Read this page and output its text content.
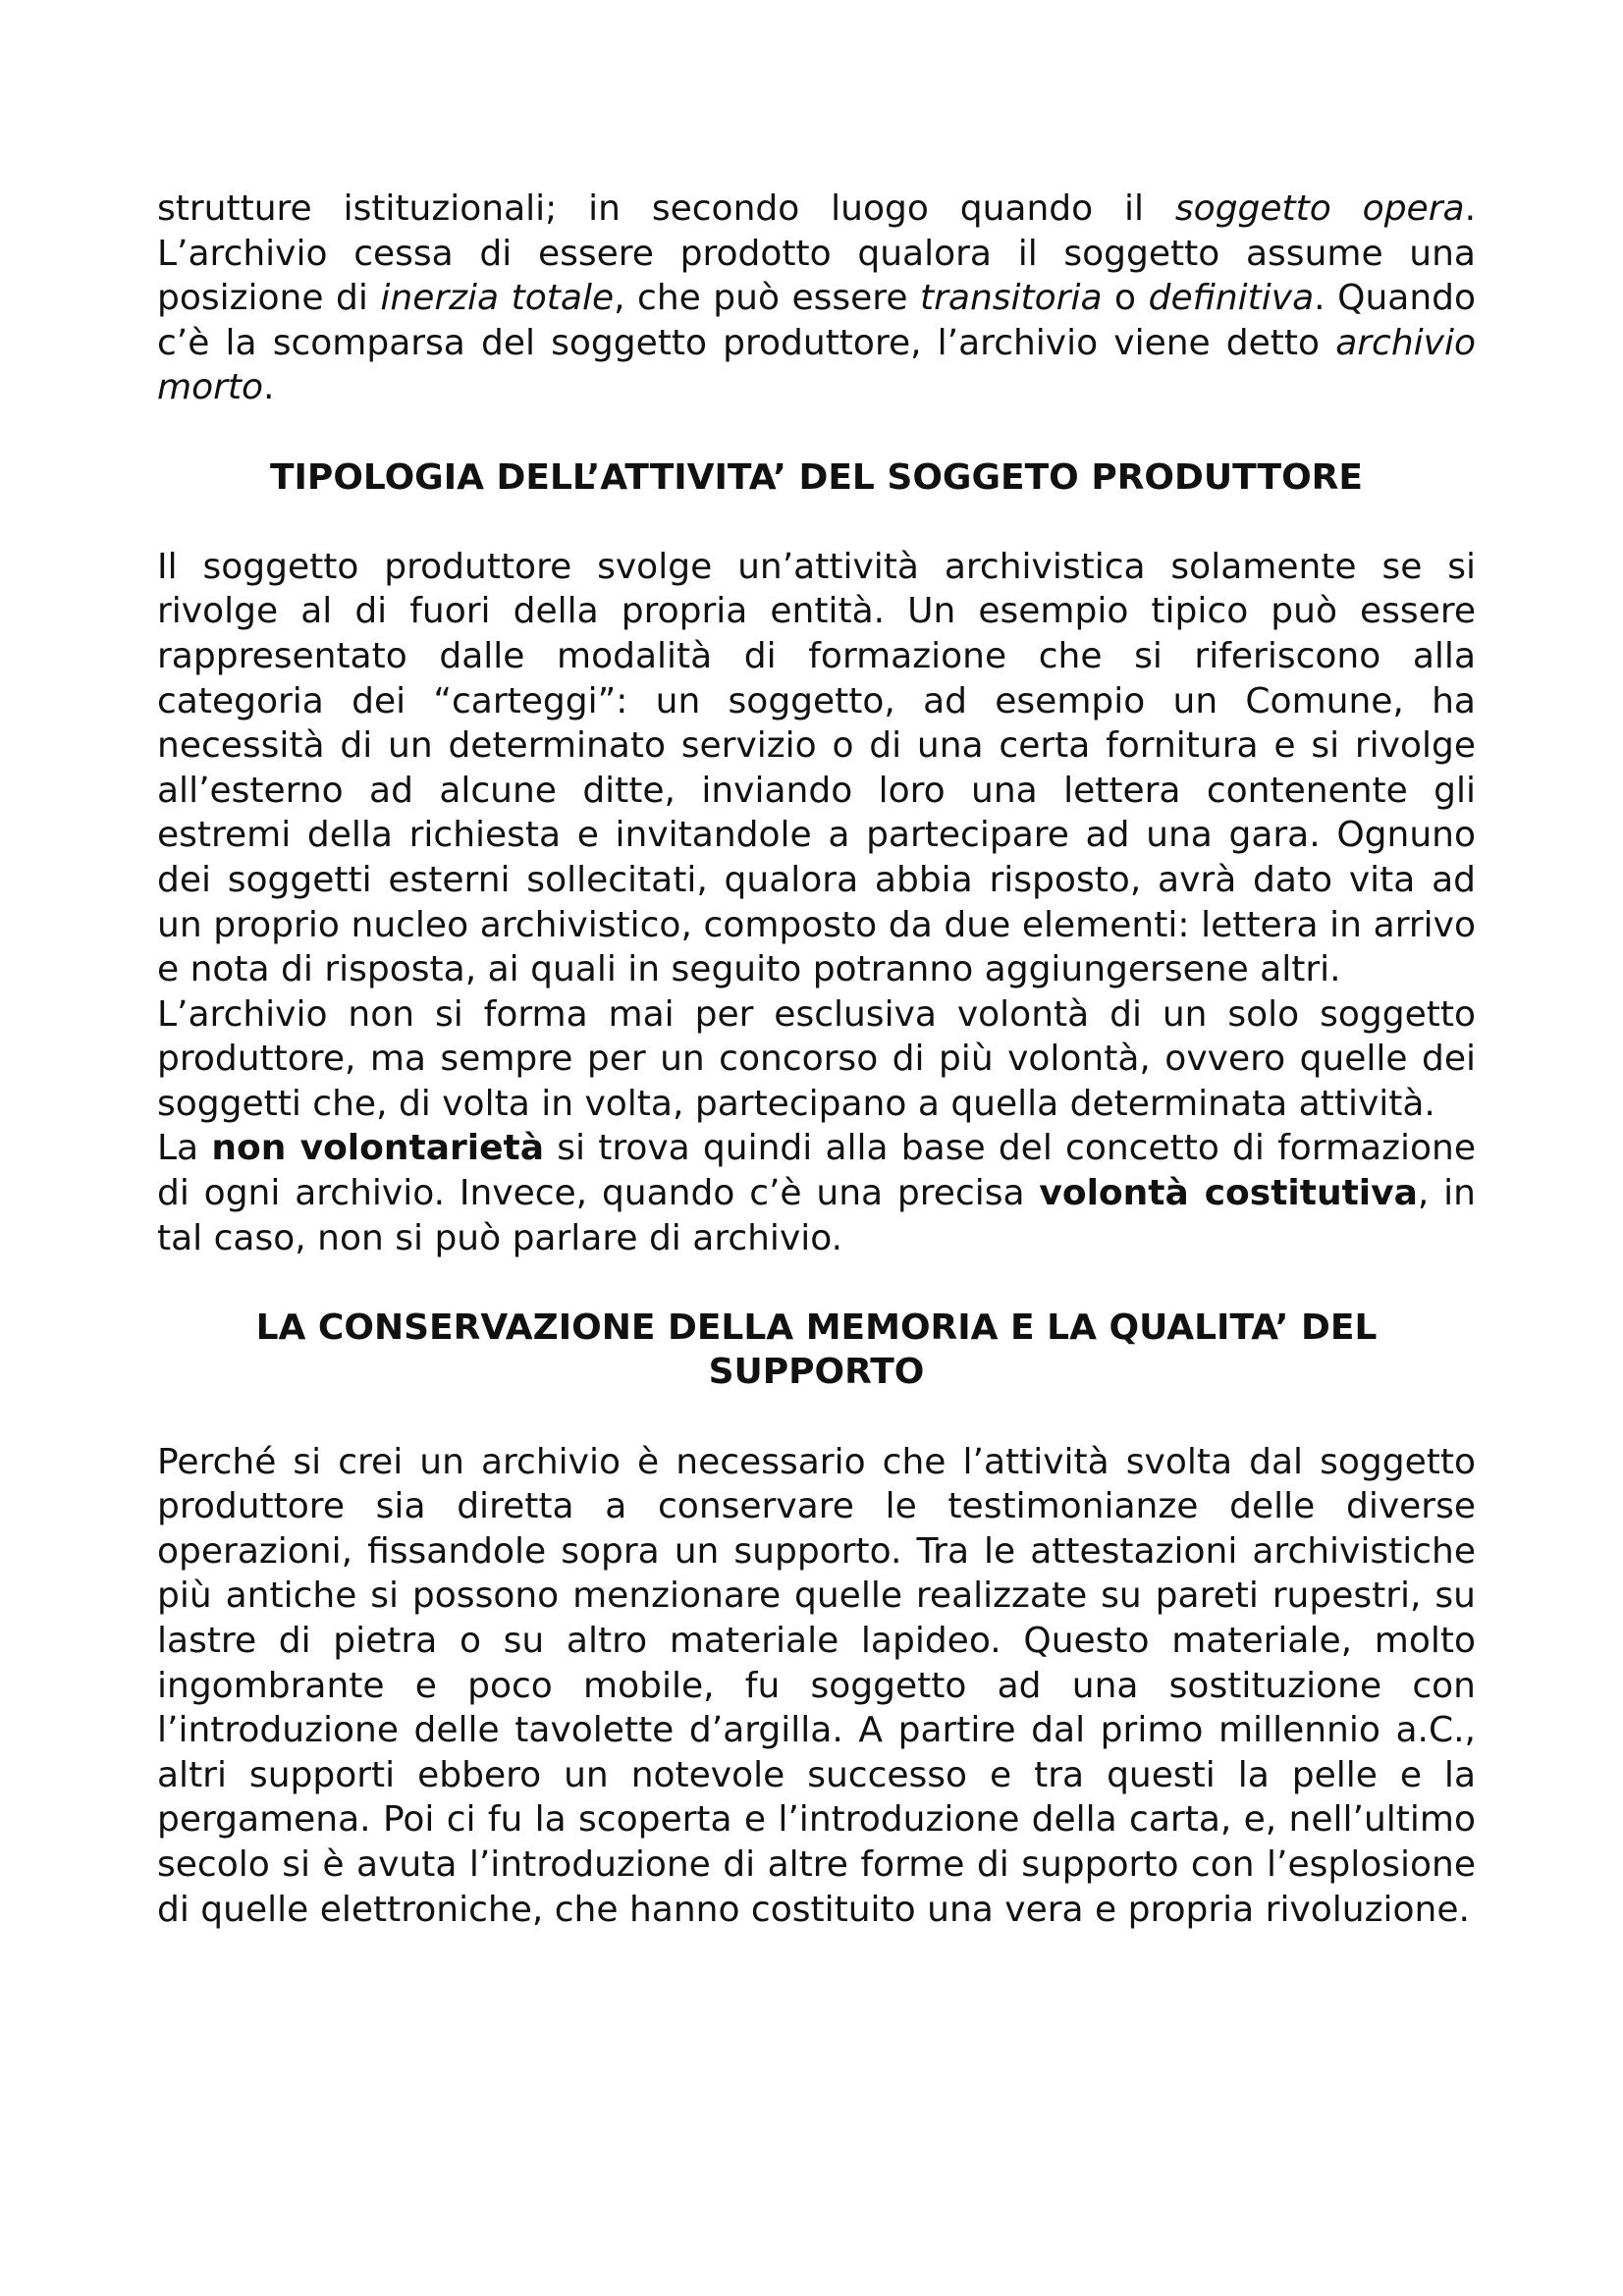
strutture istituzionali; in secondo luogo quando il soggetto opera. L’archivio cessa di essere prodotto qualora il soggetto assume una posizione di inerzia totale, che può essere transitoria o definitiva. Quando c’è la scomparsa del soggetto produttore, l’archivio viene detto archivio morto.

TIPOLOGIA DELL’ATTIVITA’ DEL SOGGETO PRODUTTORE

Il soggetto produttore svolge un’attività archivistica solamente se si rivolge al di fuori della propria entità. Un esempio tipico può essere rappresentato dalle modalità di formazione che si riferiscono alla categoria dei “carteggi”: un soggetto, ad esempio un Comune, ha necessità di un determinato servizio o di una certa fornitura e si rivolge all’esterno ad alcune ditte, inviando loro una lettera contenente gli estremi della richiesta e invitandole a partecipare ad una gara. Ognuno dei soggetti esterni sollecitati, qualora abbia risposto, avrà dato vita ad un proprio nucleo archivistico, composto da due elementi: lettera in arrivo e nota di risposta, ai quali in seguito potranno aggiungersene altri.

L’archivio non si forma mai per esclusiva volontà di un solo soggetto produttore, ma sempre per un concorso di più volontà, ovvero quelle dei soggetti che, di volta in volta, partecipano a quella determinata attività.

La non volontarietà si trova quindi alla base del concetto di formazione di ogni archivio. Invece, quando c’è una precisa volontà costitutiva, in tal caso, non si può parlare di archivio.

LA CONSERVAZIONE DELLA MEMORIA E LA QUALITA’ DEL
SUPPORTO

Perché si crei un archivio è necessario che l’attività svolta dal soggetto produttore sia diretta a conservare le testimonianze delle diverse operazioni, fissandole sopra un supporto. Tra le attestazioni archivistiche più antiche si possono menzionare quelle realizzate su pareti rupestri, su lastre di pietra o su altro materiale lapideo. Questo materiale, molto ingombrante e poco mobile, fu soggetto ad una sostituzione con l’introduzione delle tavolette d’argilla. A partire dal primo millennio a.C., altri supporti ebbero un notevole successo e tra questi la pelle e la pergamena. Poi ci fu la scoperta e l’introduzione della carta, e, nell’ultimo secolo si è avuta l’introduzione di altre forme di supporto con l’esplosione di quelle elettroniche, che hanno costituito una vera e propria rivoluzione.
